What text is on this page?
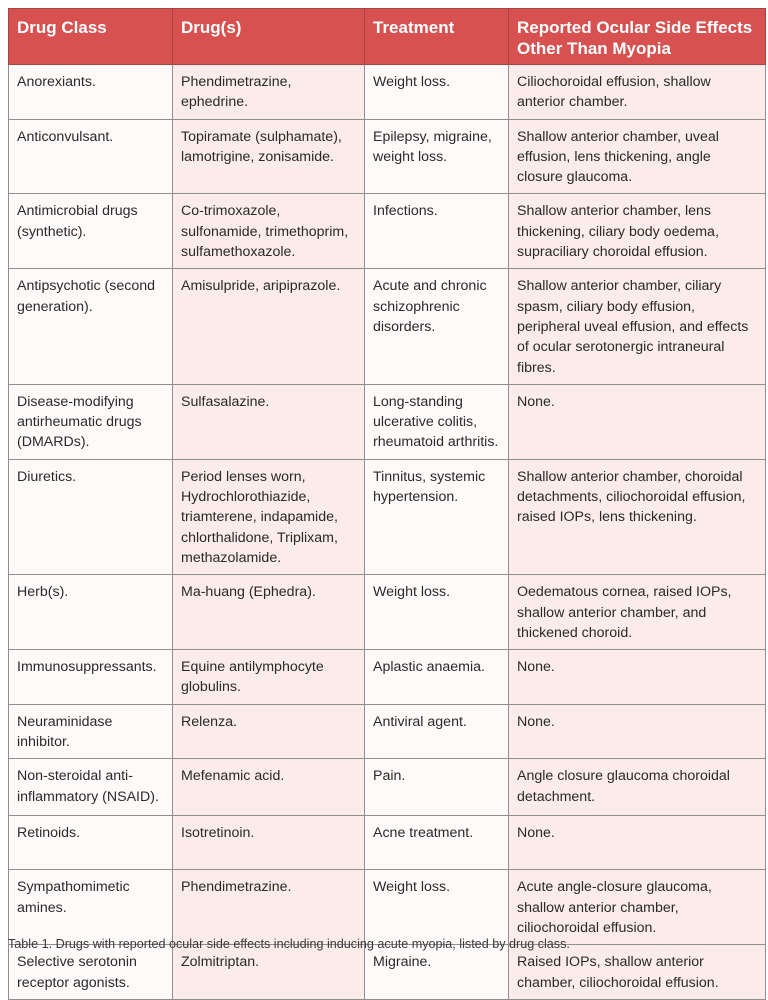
Drug Class	Drug(s)	Treatment	Reported Ocular Side Effects Other Than Myopia
Anorexiants.	Phendimetrazine, ephedrine.	Weight loss.	Ciliochoroidal effusion, shallow anterior chamber.
Anticonvulsant.	Topiramate (sulphamate), lamotrigine, zonisamide.	Epilepsy, migraine, weight loss.	Shallow anterior chamber, uveal effusion, lens thickening, angle closure glaucoma.
Antimicrobial drugs (synthetic).	Co-trimoxazole, sulfonamide, trimethoprim, sulfamethoxazole.	Infections.	Shallow anterior chamber, lens thickening, ciliary body oedema, supraciliary choroidal effusion.
Antipsychotic (second generation).	Amisulpride, aripiprazole.	Acute and chronic schizophrenic disorders.	Shallow anterior chamber, ciliary spasm, ciliary body effusion, peripheral uveal effusion, and effects of ocular serotonergic intraneural fibres.
Disease-modifying antirheumatic drugs (DMARDs).	Sulfasalazine.	Long-standing ulcerative colitis, rheumatoid arthritis.	None.
Diuretics.	Period lenses worn, Hydrochlorothiazide, triamterene, indapamide, chlorthalidone, Triplixam, methazolamide.	Tinnitus, systemic hypertension.	Shallow anterior chamber, choroidal detachments, ciliochoroidal effusion, raised IOPs, lens thickening.
Herb(s).	Ma-huang (Ephedra).	Weight loss.	Oedematous cornea, raised IOPs, shallow anterior chamber, and thickened choroid.
Immunosuppressants.	Equine antilymphocyte globulins.	Aplastic anaemia.	None.
Neuraminidase inhibitor.	Relenza.	Antiviral agent.	None.
Non-steroidal anti-inflammatory (NSAID).	Mefenamic acid.	Pain.	Angle closure glaucoma choroidal detachment.
Retinoids.	Isotretinoin.	Acne treatment.	None.
Sympathomimetic amines.	Phendimetrazine.	Weight loss.	Acute angle-closure glaucoma, shallow anterior chamber, ciliochoroidal effusion.
Selective serotonin receptor agonists.	Zolmitriptan.	Migraine.	Raised IOPs, shallow anterior chamber, ciliochoroidal effusion.
Table 1. Drugs with reported ocular side effects including inducing acute myopia, listed by drug class.
